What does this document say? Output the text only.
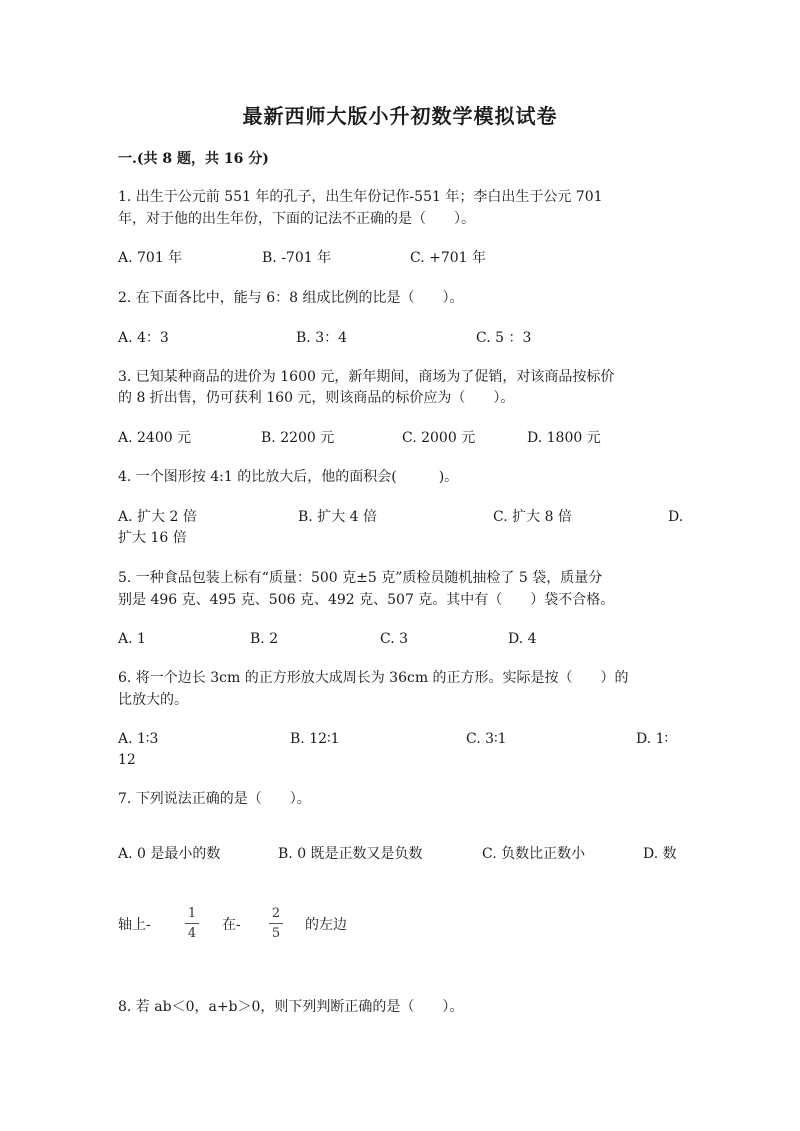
最新西师大版小升初数学模拟试卷
一.(共 8 题，共 16 分)
1. 出生于公元前 551 年的孔子，出生年份记作-551 年；李白出生于公元 701
年，对于他的出生年份，下面的记法不正确的是（　　）。
A. 701 年	B. -701 年	C. +701 年
2. 在下面各比中，能与 6：8 组成比例的比是（　　）。
A. 4：3	B. 3：4	C. 5 ：3
3. 已知某种商品的进价为 1600 元，新年期间，商场为了促销，对该商品按标价
的 8 折出售，仍可获利 160 元，则该商品的标价应为（　　）。
A. 2400 元	B. 2200 元	C. 2000 元	D. 1800 元
4. 一个图形按 4:1 的比放大后，他的面积会(　　　)。
A. 扩大 2 倍	B. 扩大 4 倍	C. 扩大 8 倍	D.
扩大 16 倍
5. 一种食品包装上标有“质量：500 克±5 克”质检员随机抽检了 5 袋，质量分
别是 496 克、495 克、506 克、492 克、507 克。其中有（　　）袋不合格。
A. 1	B. 2	C. 3	D. 4
6. 将一个边长 3cm 的正方形放大成周长为 36cm 的正方形。实际是按（　　）的
比放大的。
A. 1∶3	B. 12∶1	C. 3∶1	D. 1∶
12
7. 下列说法正确的是（　　）。
A. 0 是最小的数	B. 0 既是正数又是负数	C. 负数比正数小	D. 数
轴上-
1
4
在-
2
5
的左边
8. 若 ab＜0，a+b＞0，则下列判断正确的是（　　）。
